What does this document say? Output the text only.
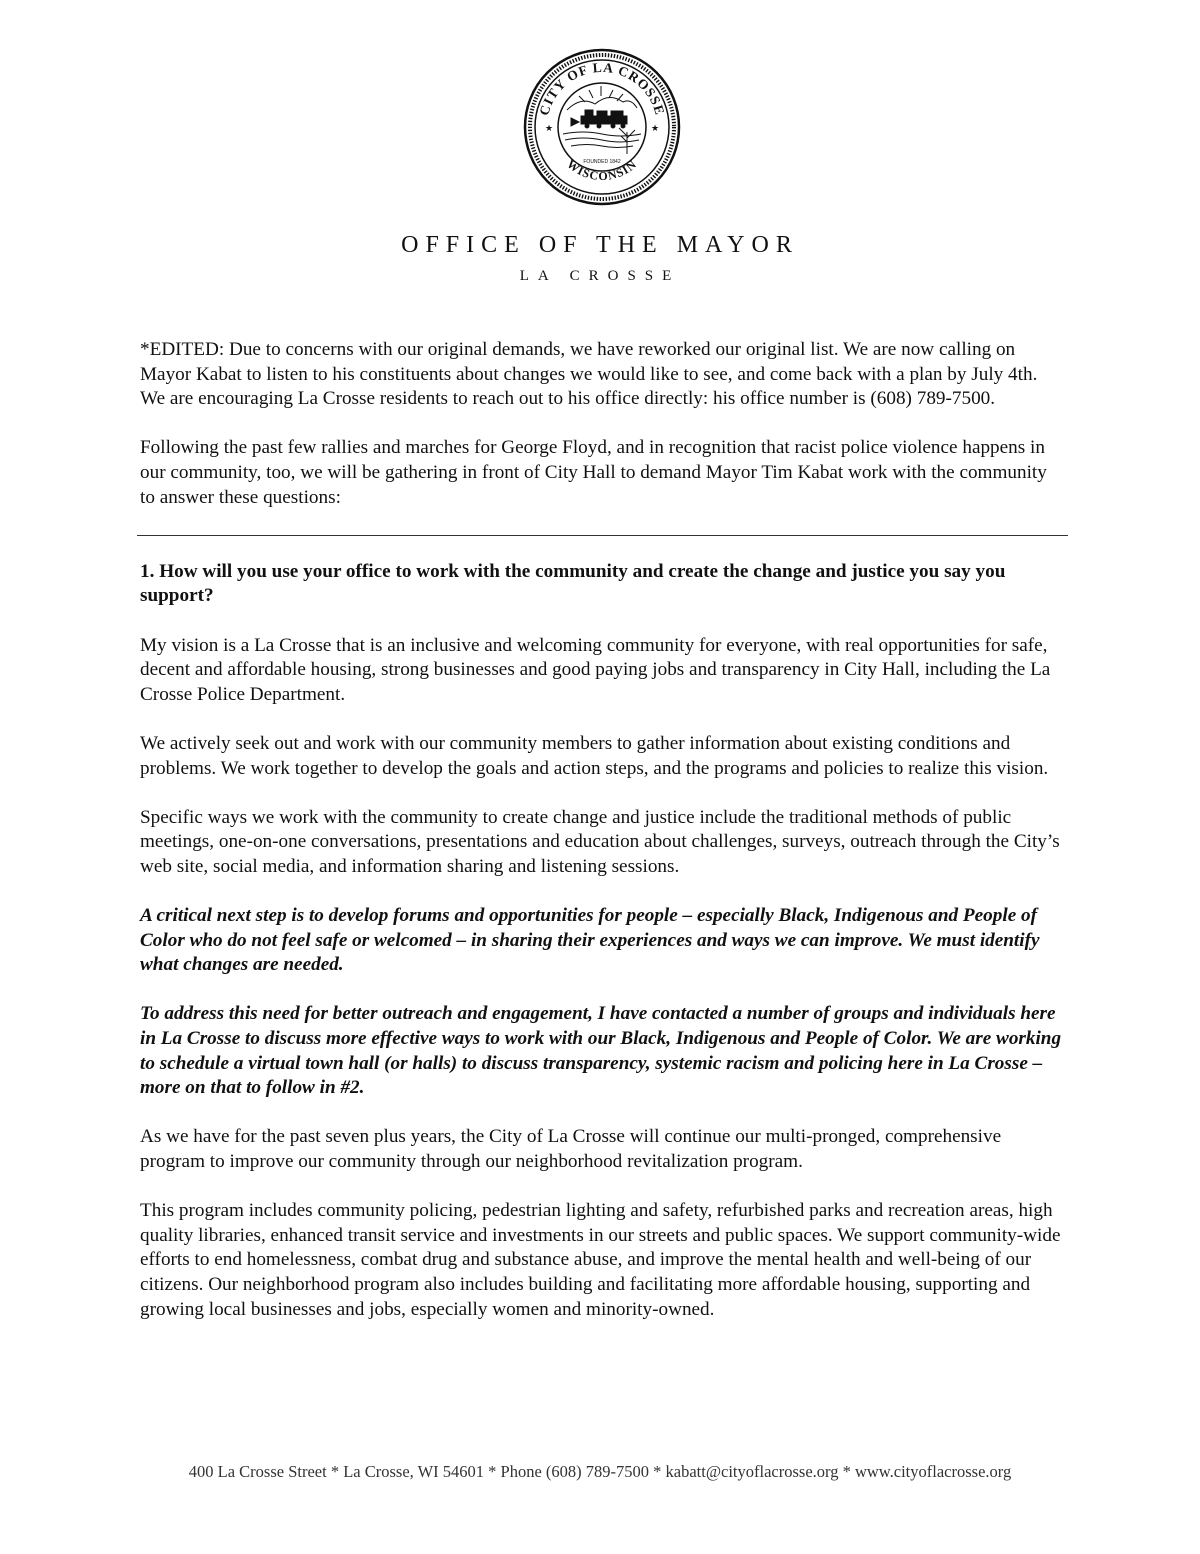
CITY OF LA CROSSE
WISCONSIN
★	★
FOUNDED 1842
OFFICE OF THE MAYOR
LA CROSSE

*EDITED: Due to concerns with our original demands, we have reworked our original list. We are now calling on Mayor Kabat to listen to his constituents about changes we would like to see, and come back with a plan by July 4th. We are encouraging La Crosse residents to reach out to his office directly: his office number is (608) 789-7500.

Following the past few rallies and marches for George Floyd, and in recognition that racist police violence happens in our community, too, we will be gathering in front of City Hall to demand Mayor Tim Kabat work with the community to answer these questions:

1. How will you use your office to work with the community and create the change and justice you say you support?

My vision is a La Crosse that is an inclusive and welcoming community for everyone, with real opportunities for safe, decent and affordable housing, strong businesses and good paying jobs and transparency in City Hall, including the La Crosse Police Department.

We actively seek out and work with our community members to gather information about existing conditions and problems. We work together to develop the goals and action steps, and the programs and policies to realize this vision.

Specific ways we work with the community to create change and justice include the traditional methods of public meetings, one-on-one conversations, presentations and education about challenges, surveys, outreach through the City’s web site, social media, and information sharing and listening sessions.

A critical next step is to develop forums and opportunities for people – especially Black, Indigenous and People of Color who do not feel safe or welcomed – in sharing their experiences and ways we can improve. We must identify what changes are needed.

To address this need for better outreach and engagement, I have contacted a number of groups and individuals here in La Crosse to discuss more effective ways to work with our Black, Indigenous and People of Color. We are working to schedule a virtual town hall (or halls) to discuss transparency, systemic racism and policing here in La Crosse – more on that to follow in #2.

As we have for the past seven plus years, the City of La Crosse will continue our multi-pronged, comprehensive program to improve our community through our neighborhood revitalization program.

This program includes community policing, pedestrian lighting and safety, refurbished parks and recreation areas, high quality libraries, enhanced transit service and investments in our streets and public spaces. We support community-wide efforts to end homelessness, combat drug and substance abuse, and improve the mental health and well-being of our citizens. Our neighborhood program also includes building and facilitating more affordable housing, supporting and growing local businesses and jobs, especially women and minority-owned.

400 La Crosse Street * La Crosse, WI 54601 * Phone (608) 789-7500 * kabatt@cityoflacrosse.org * www.cityoflacrosse.org
